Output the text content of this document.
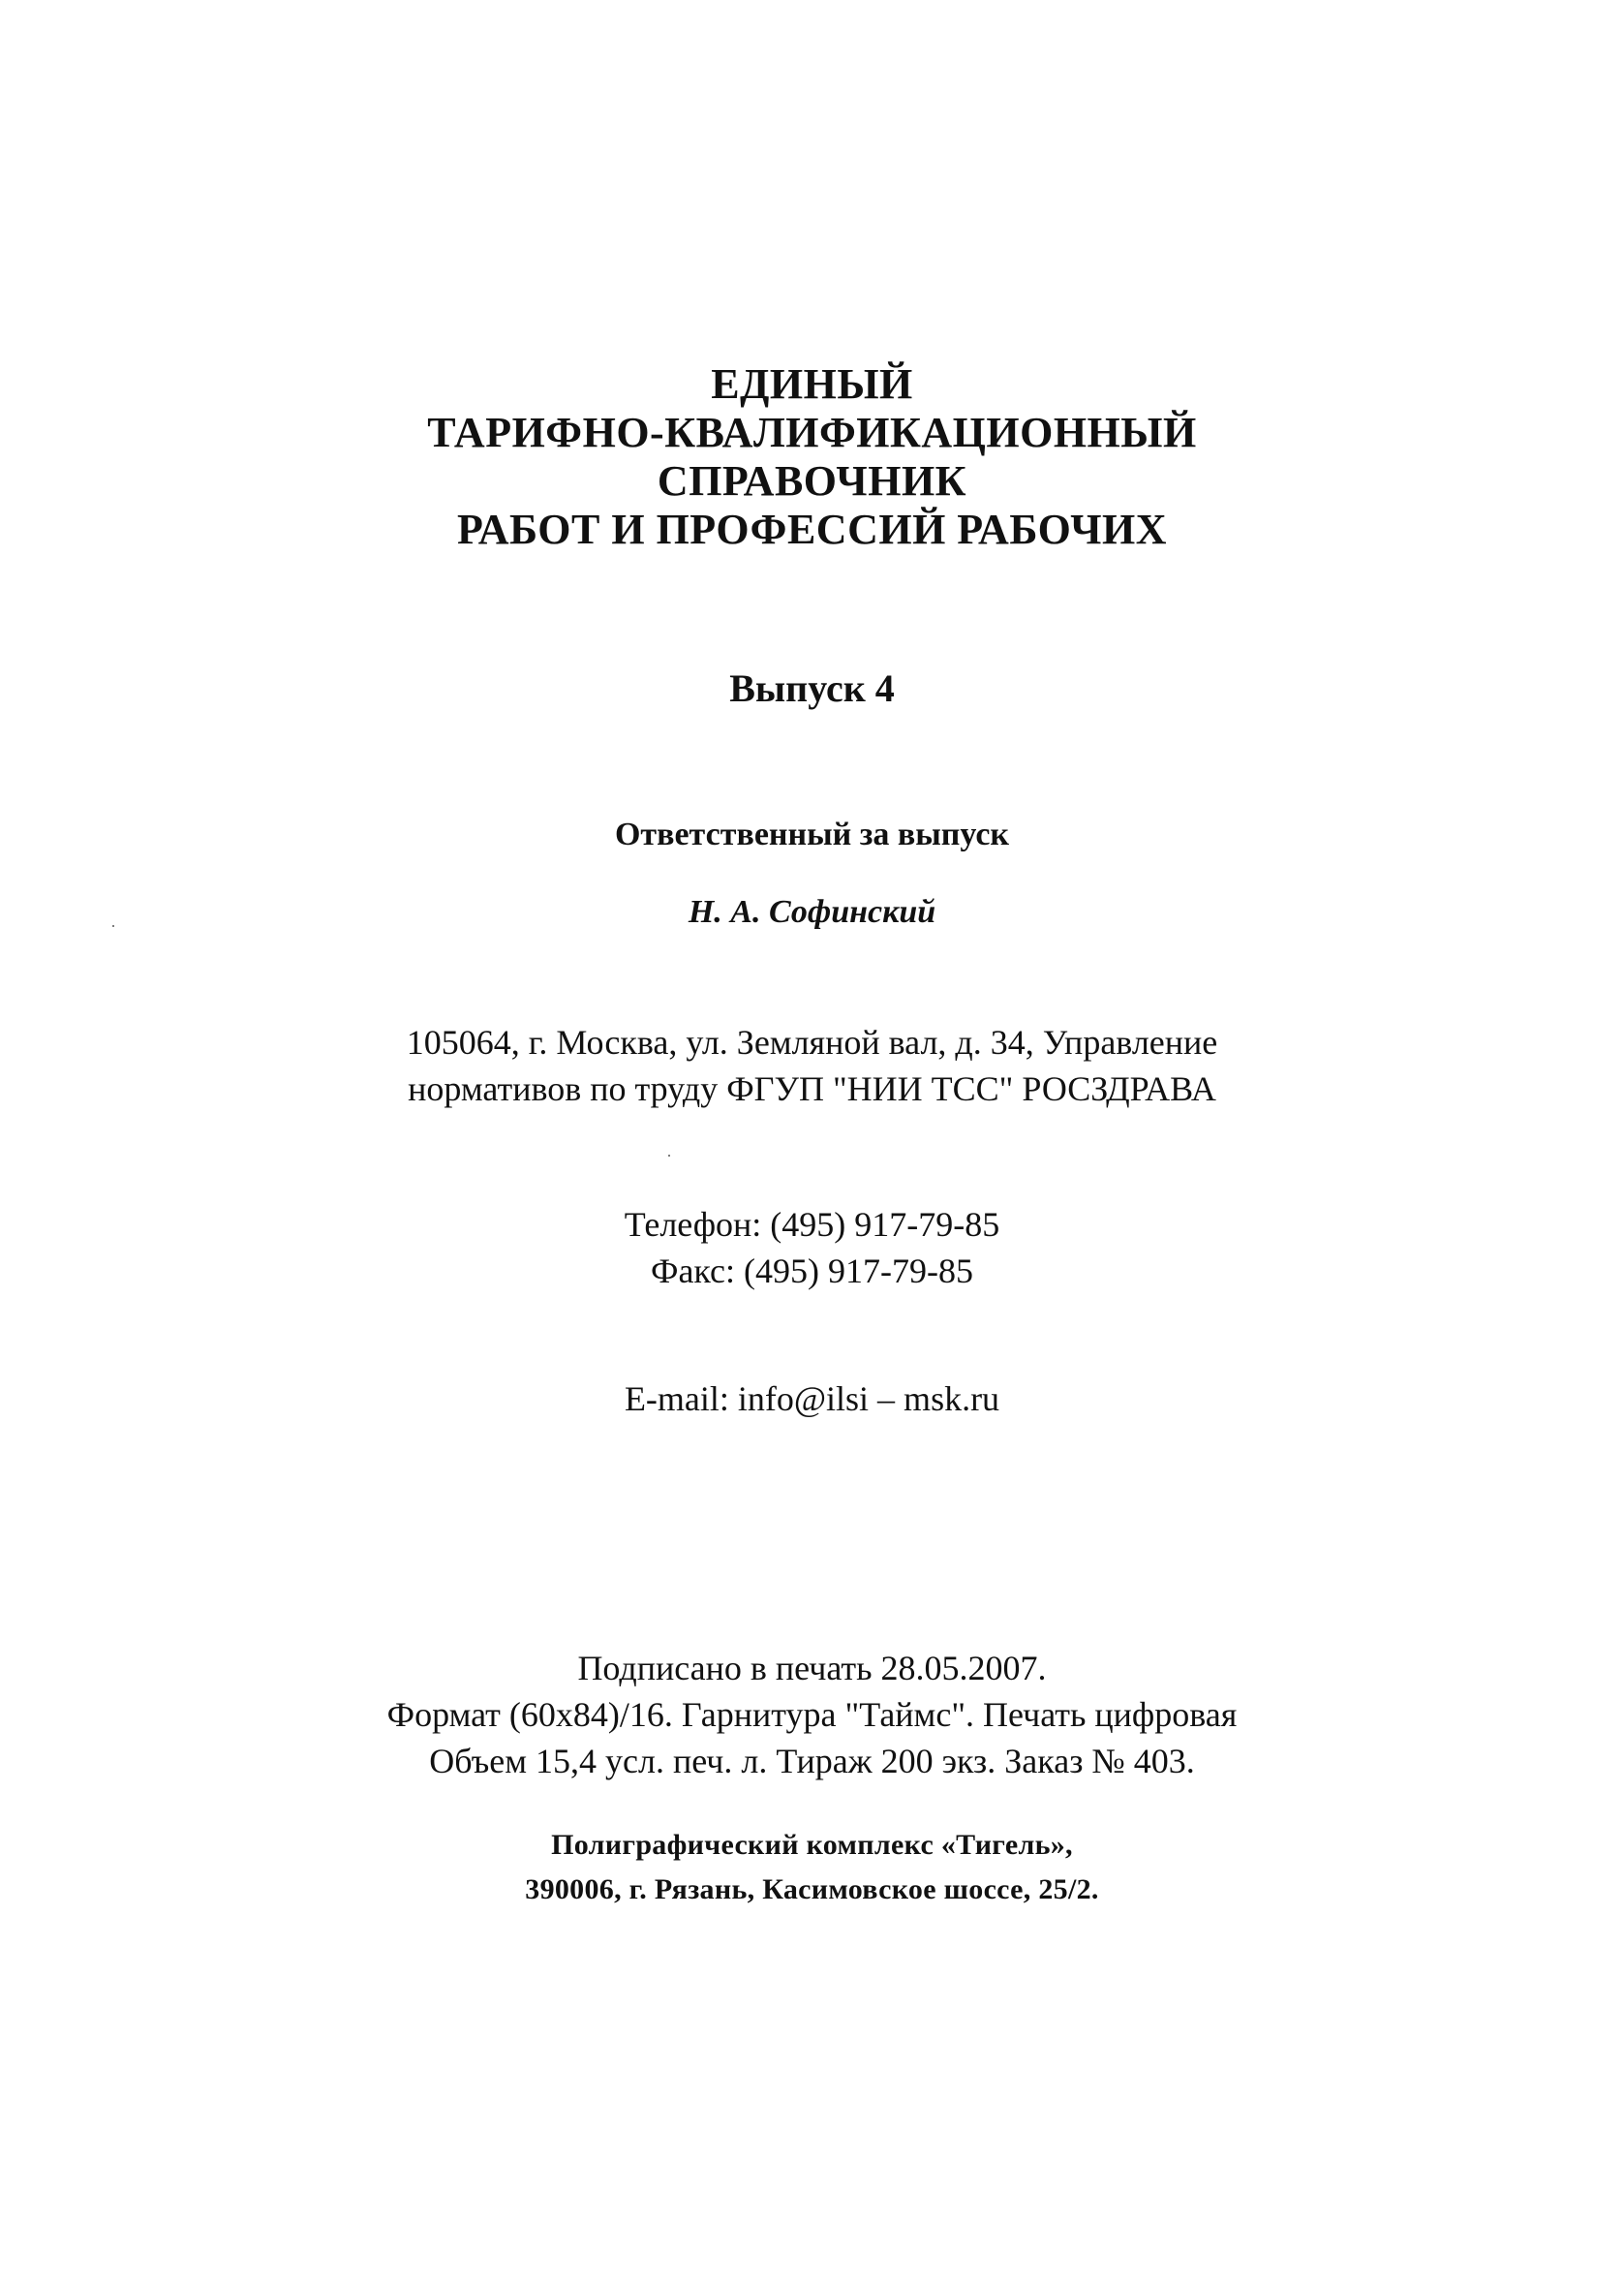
ЕДИНЫЙ
ТАРИФНО-КВАЛИФИКАЦИОННЫЙ
СПРАВОЧНИК
РАБОТ И ПРОФЕССИЙ РАБОЧИХ
Выпуск 4
Ответственный за выпуск
Н. А. Софинский
105064, г. Москва, ул. Земляной вал, д. 34, Управление
нормативов по труду ФГУП "НИИ ТСС" РОСЗДРАВА
Телефон: (495) 917-79-85
Факс: (495) 917-79-85
E-mail: info@ilsi – msk.ru
Подписано в печать 28.05.2007.
Формат (60x84)/16. Гарнитура "Таймс". Печать цифровая
Объем 15,4 усл. печ. л. Тираж 200 экз. Заказ № 403.
Полиграфический комплекс «Тигель»,
390006, г. Рязань, Касимовское шоссе, 25/2.
